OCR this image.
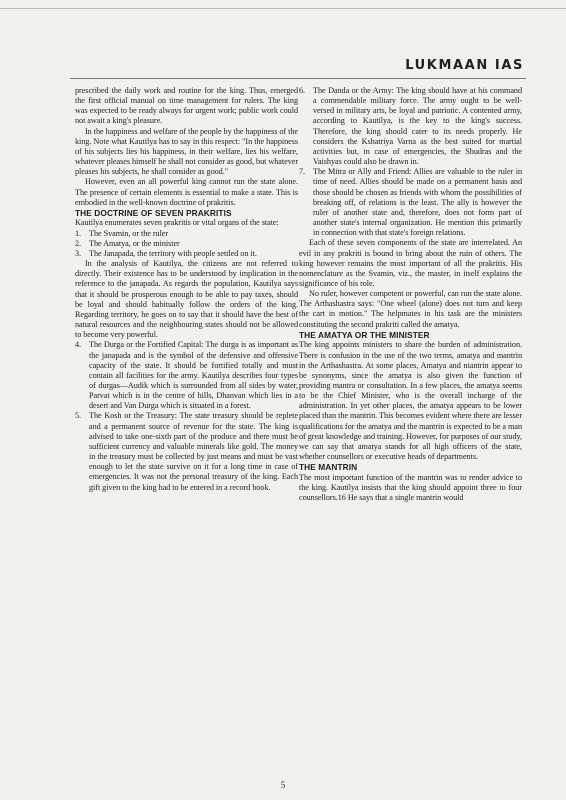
LUKMAAN IAS

prescribed the daily work and routine for the king. Thus, emerged the first official manual on time management for rulers. The king was expected to be ready always for urgent work; public work could not await a king's pleasure.

In the happiness and welfare of the people by the happiness of the king. Note what Kautilya has to say in this respect: "In the happiness of his subjects lies his happiness, in their welfare, lies his welfare, whatever pleases himself he shall not consider as good, but whatever pleases his subjects, he shall consider as good."

However, even an all powerful king cannot run the state alone. The presence of certain elements is essential to make a state. This is embodied in the well-known doctrine of prakritis.

THE DOCTRINE OF SEVEN PRAKRITIS

Kautilya enumerates seven prakritis or vital organs of the state:

1. The Svamin, or the ruler
2. The Amatya, or the minister
3. The Janapada, the territory with people settled on it.

In the analysis of Kautilya, the citizens are not referred to directly. Their existence has to be understood by implication in the reference to the janapada. As regards the population, Kautilya says that it should be prosperous enough to be able to pay taxes, should be loyal and should habitually follow the orders of the king. Regarding territory, he goes on to say that it should have the best of natural resources and the neighbouring states should not be allowed to become very powerful.

4. The Durga or the Fortified Capital: The durga is as important as the janapada and is the symbol of the defensive and offensive capacity of the state. It should be fortified totally and must contain all facilities for the army. Kautilya describes four types of durgas—Audik which is surrounded from all sides by water, Parvat which is in the centre of hills, Dhanvan which lies in a desert and Van Durga which is situated in a forest.
5. The Kosh or the Treasury: The state treasury should be replete and a permanent source of revenue for the state. The king is advised to take one-sixth part of the produce and there must be sufficient currency and valuable minerals like gold. The money in the treasury must be collected by just means and must be vast enough to let the state survive on it for a long time in case of emergencies. It was not the personal treasury of the king. Each gift given to the king had to be entered in a record book.
6. The Danda or the Army: The king should have at his command a commendable military force. The army ought to be well-versed in military arts, be loyal and patriotic. A contented army, according to Kautilya, is the key to the king's success. Therefore, the king should cater to its needs properly. He considers the Kshatriya Varna as the best suited for martial activities but, in case of emergencies, the Shudras and the Vaishyas could also be drawn in.
7. The Mitra or Ally and Friend: Allies are valuable to the ruler in time of need. Allies should be made on a permanent basis and those should be chosen as friends with whom the possibilities of breaking off, of relations is the least. The ally is however the ruler of another state and, therefore, does not form part of another state's internal organization. He mention this primarily in connection with that state's foreign relations.

Each of these seven components of the state are interrelated. An evil in any prakriti is bound to bring about the ruin of others. The king however remains the most important of all the prakritis. His nomenclature as the Svamin, viz., the master, in itself explains the significance of his role.

No ruler, however competent or powerful, can run the state alone. The Arthashastra says: "One wheel (alone) does not turn and keep the cart in motion." The helpmates in his task are the ministers constituting the second prakriti called the amatya.

THE AMATYA OR THE MINISTER

The king appoints ministers to share the burden of administration. There is confusion in the use of the two terms, amatya and mantrin in the Arthashastra. At some places, Amatya and niantrin appear to be synonyms, since the amatya is also given the function of providing mantra or consultation. In a few places, the amatya seems to be the Chief Minister, who is the overall incharge of the administration. In yet other places, the amatya appears to be lower placed than the mantrin. This becomes evident where there are lesser qualifications for the amatya and the mantrin is expected to be a man of great knowledge and training. However, for purposes of our study, we can say that amatya stands for all high officers of the state, whether counsellors or executive heads of departments.

THE MANTRIN

The most important function of the mantrin was to render advice to the king. Kautilya insists that the king should appoint three to four counsellors.16 He says that a single mantrin would

5
